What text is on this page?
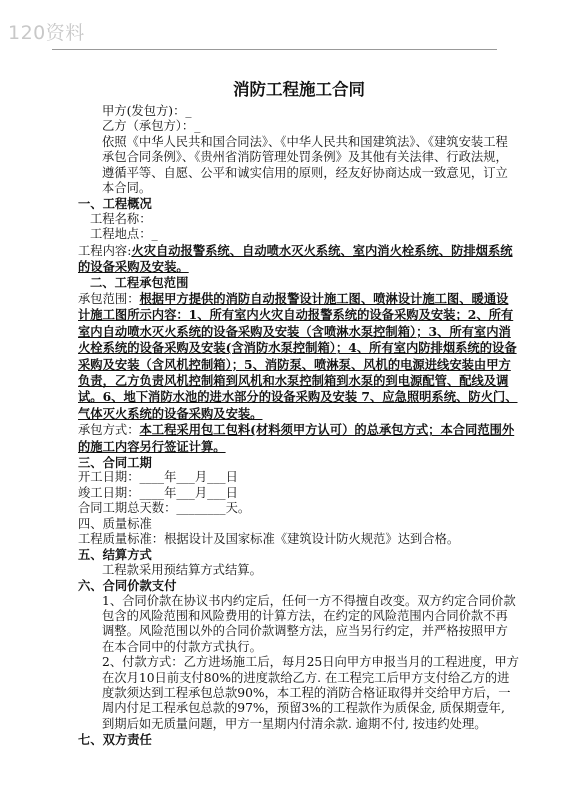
120资料
消防工程施工合同

甲方(发包方)：_

乙方（承包方）：_

依照《中华人民共和国合同法》、《中华人民共和国建筑法》、《建筑安装工程承包合同条例》、《贵州省消防管理处罚条例》及其他有关法律、行政法规，遵循平等、自愿、公平和诚实信用的原则，经友好协商达成一致意见，订立本合同。

一、工程概况

工程名称：

工程地点：_

工程内容:火灾自动报警系统、自动喷水灭火系统、室内消火栓系统、防排烟系统的设备采购及安装。

二、工程承包范围

承包范围：根据甲方提供的消防自动报警设计施工图、喷淋设计施工图、暖通设计施工图所示内容：1、所有室内火灾自动报警系统的设备采购及安装；2、所有室内自动喷水灭火系统的设备采购及安装（含喷淋水泵控制箱）；3、所有室内消火栓系统的设备采购及安装(含消防水泵控制箱）；4、所有室内防排烟系统的设备采购及安装（含风机控制箱）；5、消防泵、喷淋泵、风机的电源进线安装由甲方负责，乙方负责风机控制箱到风机和水泵控制箱到水泵的到电源配管、配线及调试。6、地下消防水池的进水部分的设备采购及安装 7、应急照明系统、防火门、气体灭火系统的设备采购及安装。

承包方式：本工程采用包工包料(材料须甲方认可）的总承包方式；本合同范围外的施工内容另行签证计算。

三、合同工期

开工日期：____年___月___日

竣工日期：____年___月___日

合同工期总天数：________天。

四、质量标准

工程质量标准：根据设计及国家标准《建筑设计防火规范》达到合格。

五、结算方式

工程款采用预结算方式结算。

六、合同价款支付

1、合同价款在协议书内约定后，任何一方不得擅自改变。双方约定合同价款包含的风险范围和风险费用的计算方法，在约定的风险范围内合同价款不再调整。风险范围以外的合同价款调整方法，应当另行约定，并严格按照甲方在本合同中的付款方式执行。

2、付款方式：乙方进场施工后，每月25日向甲方申报当月的工程进度，甲方在次月10日前支付80%的进度款给乙方. 在工程完工后甲方支付给乙方的进度款须达到工程承包总款90%，本工程的消防合格证取得并交给甲方后，一周内付足工程承包总款的97%，预留3%的工程款作为质保金, 质保期壹年, 到期后如无质量问题，甲方一星期内付清余款. 逾期不付, 按违约处理。

七、双方责任
